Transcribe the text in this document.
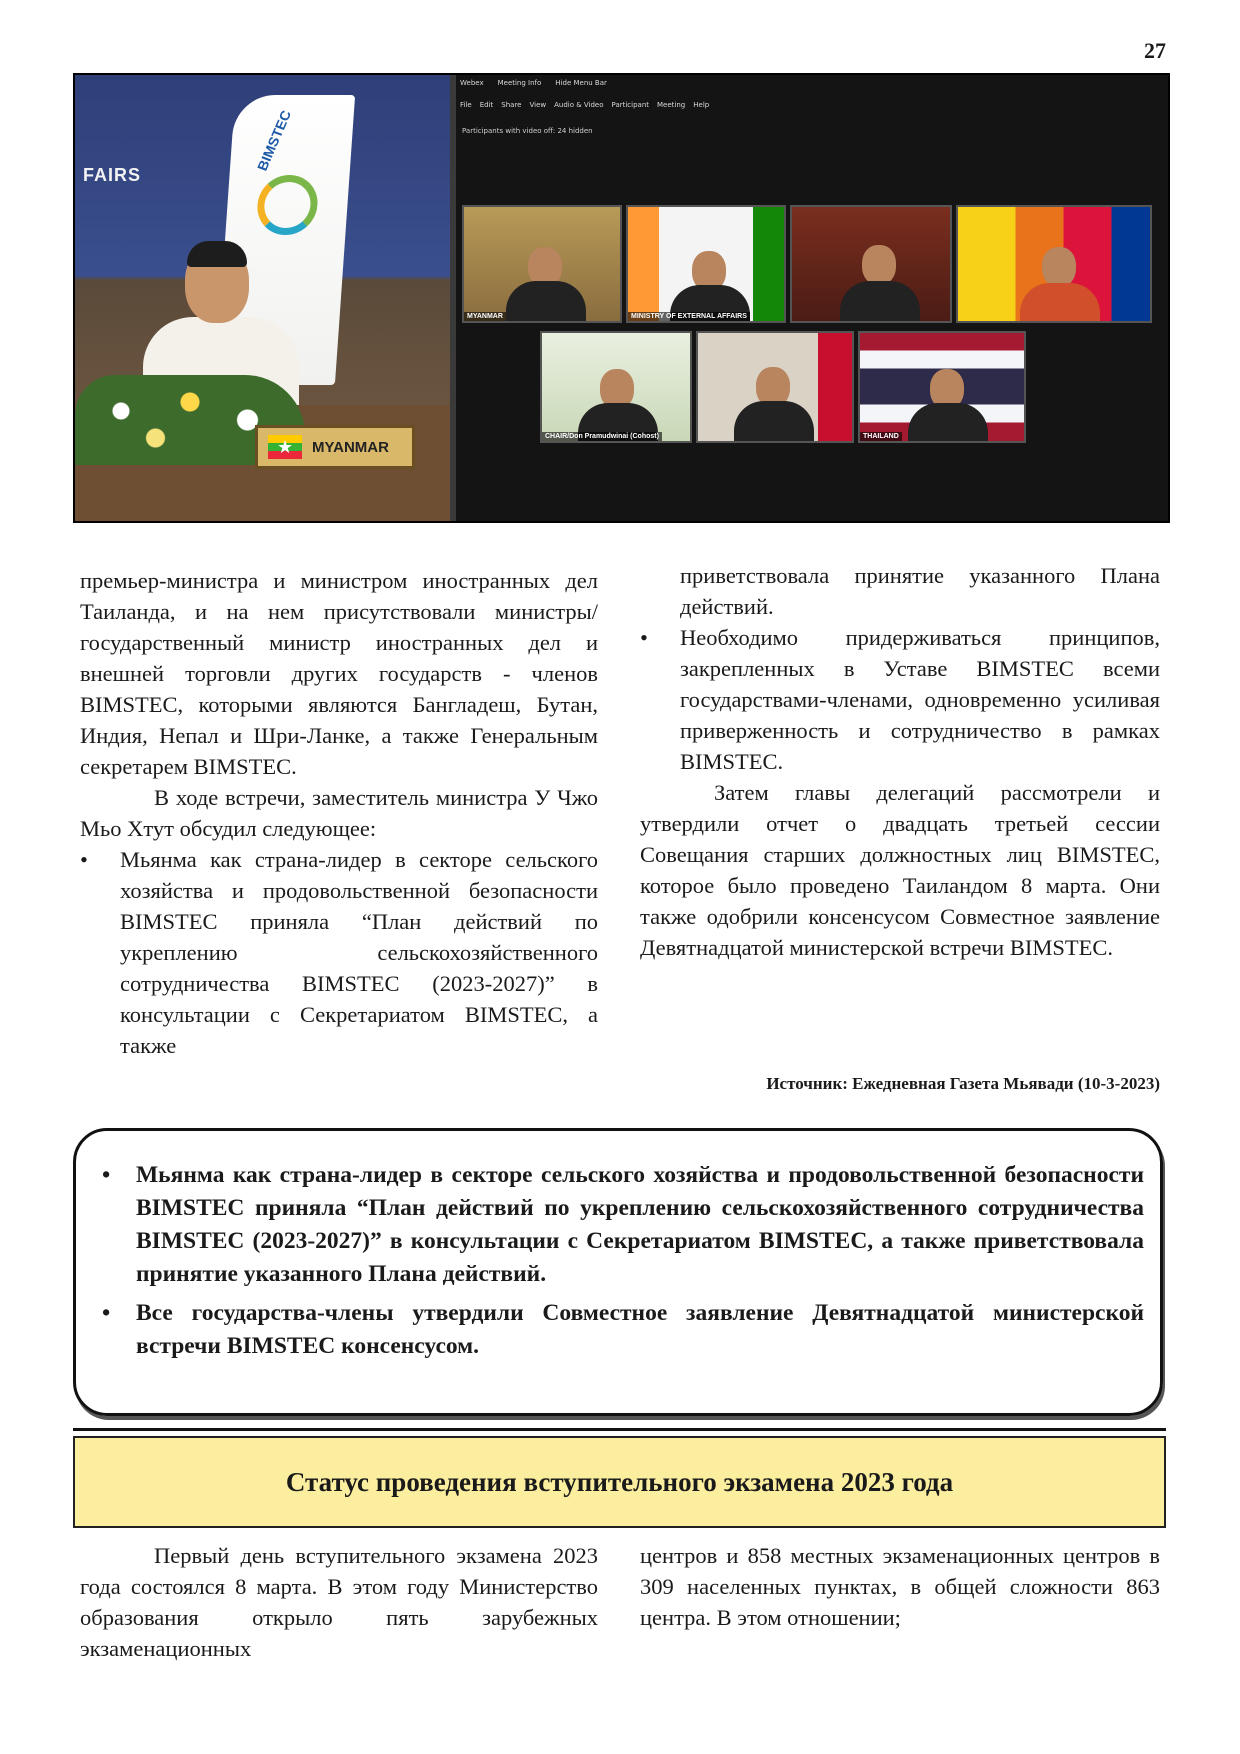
27
FAIRS
BIMSTEC
★
MYANMAR
Webex Meeting Info Hide Menu Bar
File Edit Share View Audio & Video Participant Meeting Help
Participants with video off: 24 hidden
MYANMAR	MINISTRY OF EXTERNAL AFFAIRS
CHAIR/Don Pramudwinai (Cohost)	THAILAND

премьер-министра и министром иностранных дел Таиланда, и на нем присутствовали министры/государственный министр иностранных дел и внешней торговли других государств - членов BIMSTEC, которыми являются Бангладеш, Бутан, Индия, Непал и Шри-Ланке, а также Генеральным секретарем BIMSTEC.

В ходе встречи, заместитель министра У Чжо Мьо Хтут обсудил следующее:

• Мьянма как страна-лидер в секторе сельского хозяйства и продовольственной безопасности BIMSTEC приняла “План действий по укреплению сельскохозяйственного сотрудничества BIMSTEC (2023-2027)” в консультации с Секретариатом BIMSTEC, а также

приветствовала принятие указанного Плана действий.

• Необходимо придерживаться принципов, закрепленных в Уставе BIMSTEC всеми государствами-членами, одновременно усиливая приверженность и сотрудничество в рамках BIMSTEC.

Затем главы делегаций рассмотрели и утвердили отчет о двадцать третьей сессии Совещания старших должностных лиц BIMSTEC, которое было проведено Таиландом 8 марта. Они также одобрили консенсусом Совместное заявление Девятнадцатой министерской встречи BIMSTEC.

Источник: Ежедневная Газета Мьявади (10-3-2023)
• Мьянма как страна-лидер в секторе сельского хозяйства и продовольственной безопасности BIMSTEC приняла “План действий по укреплению сельскохозяйственного сотрудничества BIMSTEC (2023-2027)” в консультации с Секретариатом BIMSTEC, а также приветствовала принятие указанного Плана действий.
• Все государства-члены утвердили Совместное заявление Девятнадцатой министерской встречи BIMSTEC консенсусом.
Статус проведения вступительного экзамена 2023 года

Первый день вступительного экзамена 2023 года состоялся 8 марта. В этом году Министерство образования открыло пять зарубежных экзаменационных

центров и 858 местных экзаменационных центров в 309 населенных пунктах, в общей сложности 863 центра. В этом отношении;
